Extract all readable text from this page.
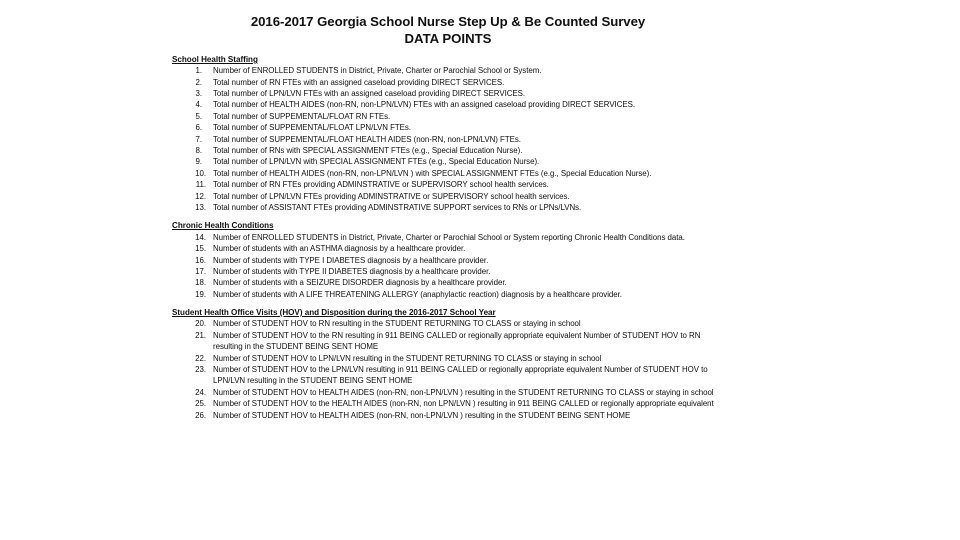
2016-2017 Georgia School Nurse Step Up & Be Counted Survey
DATA POINTS
School Health Staffing
1. Number of ENROLLED STUDENTS in District, Private, Charter or Parochial School or System.
2. Total number of RN FTEs with an assigned caseload providing DIRECT SERVICES.
3. Total number of LPN/LVN FTEs with an assigned caseload providing DIRECT SERVICES.
4. Total number of HEALTH AIDES (non-RN, non-LPN/LVN) FTEs with an assigned caseload providing DIRECT SERVICES.
5. Total number of SUPPEMENTAL/FLOAT RN FTEs.
6. Total number of SUPPEMENTAL/FLOAT LPN/LVN FTEs.
7. Total number of SUPPEMENTAL/FLOAT HEALTH AIDES (non-RN, non-LPN/LVN) FTEs.
8. Total number of RNs with SPECIAL ASSIGNMENT FTEs (e.g., Special Education Nurse).
9. Total number of LPN/LVN with SPECIAL ASSIGNMENT FTEs (e.g., Special Education Nurse).
10. Total number of HEALTH AIDES (non-RN, non-LPN/LVN ) with SPECIAL ASSIGNMENT FTEs (e.g., Special Education Nurse).
11. Total number of RN FTEs providing ADMINSTRATIVE or SUPERVISORY school health services.
12. Total number of LPN/LVN FTEs providing ADMINSTRATIVE or SUPERVISORY school health services.
13. Total number of ASSISTANT FTEs providing ADMINSTRATIVE SUPPORT services to RNs or LPNs/LVNs.
Chronic Health Conditions
14. Number of ENROLLED STUDENTS in District, Private, Charter or Parochial School or System reporting Chronic Health Conditions data.
15. Number of students with an ASTHMA diagnosis by a healthcare provider.
16. Number of students with TYPE I DIABETES diagnosis by a healthcare provider.
17. Number of students with TYPE II DIABETES diagnosis by a healthcare provider.
18. Number of students with a SEIZURE DISORDER diagnosis by a healthcare provider.
19. Number of students with A LIFE THREATENING ALLERGY (anaphylactic reaction) diagnosis by a healthcare provider.
Student Health Office Visits (HOV) and Disposition during the 2016-2017 School Year
20. Number of STUDENT HOV to RN resulting in the STUDENT RETURNING TO CLASS or staying in school
21. Number of STUDENT HOV to the RN resulting in 911 BEING CALLED or regionally appropriate equivalent Number of STUDENT HOV to RN resulting in the STUDENT BEING SENT HOME
22. Number of STUDENT HOV to LPN/LVN resulting in the STUDENT RETURNING TO CLASS or staying in school
23. Number of STUDENT HOV to the LPN/LVN resulting in 911 BEING CALLED or regionally appropriate equivalent Number of STUDENT HOV to LPN/LVN resulting in the STUDENT BEING SENT HOME
24. Number of STUDENT HOV to HEALTH AIDES (non-RN, non-LPN/LVN ) resulting in the STUDENT RETURNING TO CLASS or staying in school
25. Number of STUDENT HOV to the HEALTH AIDES (non-RN, non LPN/LVN ) resulting in 911 BEING CALLED or regionally appropriate equivalent
26. Number of STUDENT HOV to HEALTH AIDES (non-RN, non-LPN/LVN ) resulting in the STUDENT BEING SENT HOME
